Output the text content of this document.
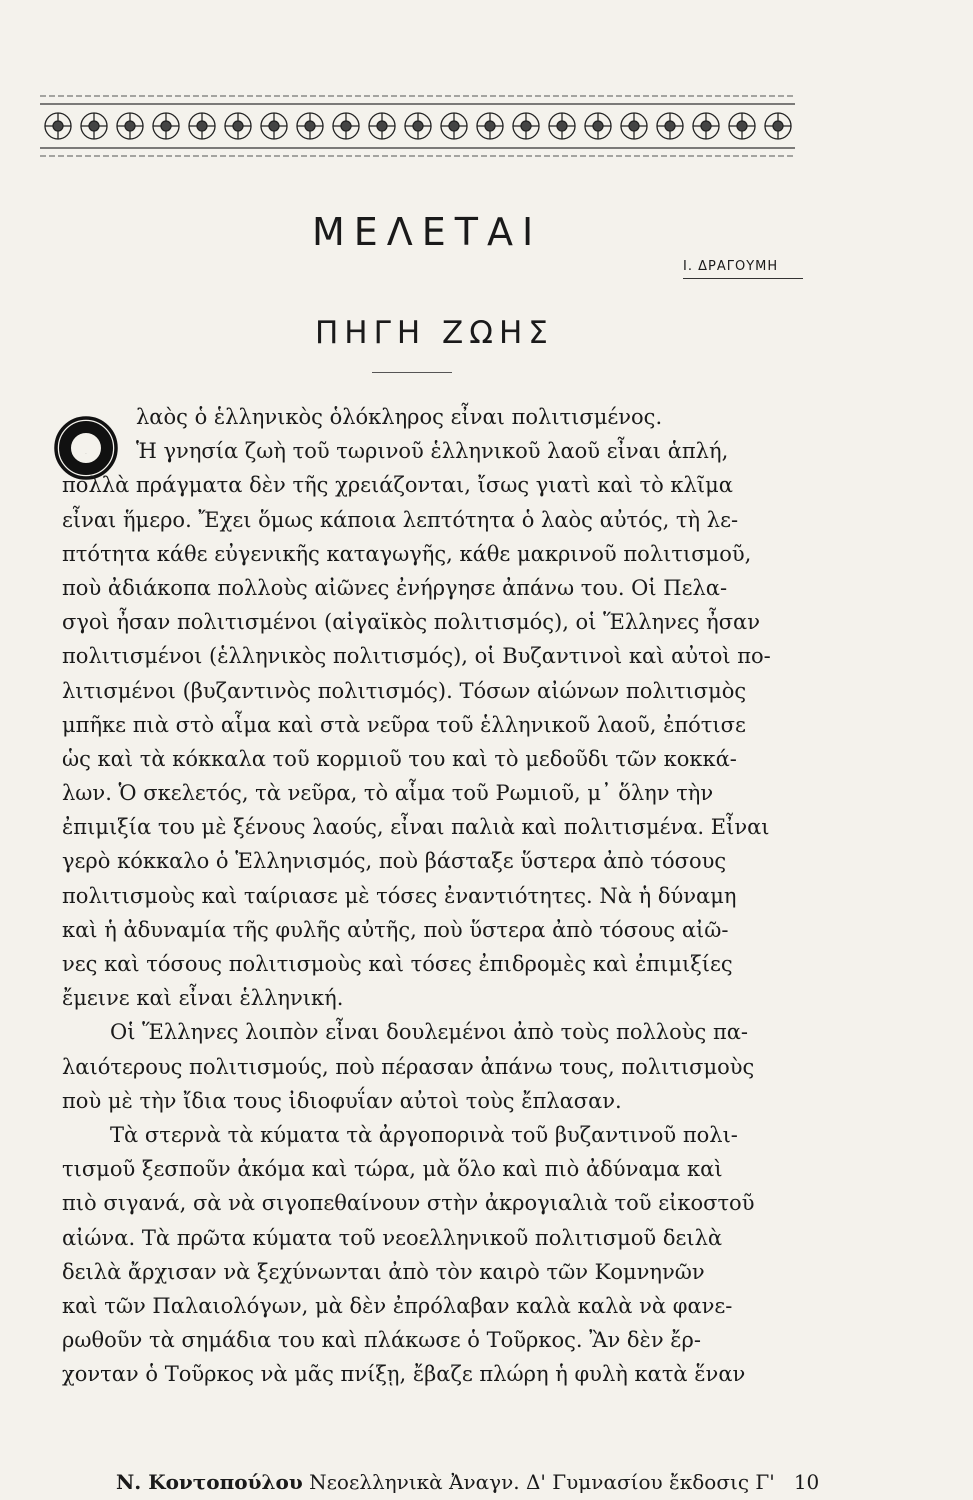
ΜΕΛΕΤΑΙ
Ι. ΔΡΑΓΟΥΜΗ
ΠΗΓΗ ΖΩΗΣ
Ο
λαὸς ὁ ἑλληνικὸς ὁλόκληρος εἶναι πολιτισμένος.
Ἡ γνησία ζωὴ τοῦ τωρινοῦ ἑλληνικοῦ λαοῦ εἶναι ἁπλή,
πολλὰ πράγματα δὲν τῆς χρειάζονται, ἴσως γιατὶ καὶ τὸ κλῖμα
εἶναι ἥμερο. Ἔχει ὅμως κάποια λεπτότητα ὁ λαὸς αὐτός, τὴ λε-
πτότητα κάθε εὐγενικῆς καταγωγῆς, κάθε μακρινοῦ πολιτισμοῦ,
ποὺ ἀδιάκοπα πολλοὺς αἰῶνες ἐνήργησε ἀπάνω του. Οἱ Πελα-
σγοὶ ἦσαν πολιτισμένοι (αἰγαϊκὸς πολιτισμός), οἱ Ἕλληνες ἦσαν
πολιτισμένοι (ἑλληνικὸς πολιτισμός), οἱ Βυζαντινοὶ καὶ αὐτοὶ πο-
λιτισμένοι (βυζαντινὸς πολιτισμός). Τόσων αἰώνων πολιτισμὸς
μπῆκε πιὰ στὸ αἷμα καὶ στὰ νεῦρα τοῦ ἑλληνικοῦ λαοῦ, ἐπότισε
ὡς καὶ τὰ κόκκαλα τοῦ κορμιοῦ του καὶ τὸ μεδοῦδι τῶν κοκκά-
λων. Ὁ σκελετός, τὰ νεῦρα, τὸ αἷμα τοῦ Ρωμιοῦ, μ᾽ ὅλην τὴν
ἐπιμιξία του μὲ ξένους λαούς, εἶναι παλιὰ καὶ πολιτισμένα. Εἶναι
γερὸ κόκκαλο ὁ Ἑλληνισμός, ποὺ βάσταξε ὕστερα ἀπὸ τόσους
πολιτισμοὺς καὶ ταίριασε μὲ τόσες ἐναντιότητες. Νὰ ἡ δύναμη
καὶ ἡ ἀδυναμία τῆς φυλῆς αὐτῆς, ποὺ ὕστερα ἀπὸ τόσους αἰῶ-
νες καὶ τόσους πολιτισμοὺς καὶ τόσες ἐπιδρομὲς καὶ ἐπιμιξίες
ἔμεινε καὶ εἶναι ἑλληνική.
Οἱ Ἕλληνες λοιπὸν εἶναι δουλεμένοι ἀπὸ τοὺς πολλοὺς πα-
λαιότερους πολιτισμούς, ποὺ πέρασαν ἀπάνω τους, πολιτισμοὺς
ποὺ μὲ τὴν ἴδια τους ἰδιοφυΐαν αὐτοὶ τοὺς ἔπλασαν.
Τὰ στερνὰ τὰ κύματα τὰ ἀργοπορινὰ τοῦ βυζαντινοῦ πολι-
τισμοῦ ξεσποῦν ἀκόμα καὶ τώρα, μὰ ὅλο καὶ πιὸ ἀδύναμα καὶ
πιὸ σιγανά, σὰ νὰ σιγοπεθαίνουν στὴν ἀκρογιαλιὰ τοῦ εἰκοστοῦ
αἰώνα. Τὰ πρῶτα κύματα τοῦ νεοελληνικοῦ πολιτισμοῦ δειλὰ
δειλὰ ἄρχισαν νὰ ξεχύνωνται ἀπὸ τὸν καιρὸ τῶν Κομνηνῶν
καὶ τῶν Παλαιολόγων, μὰ δὲν ἐπρόλαβαν καλὰ καλὰ νὰ φανε-
ρωθοῦν τὰ σημάδια του καὶ πλάκωσε ὁ Τοῦρκος. Ἂν δὲν ἔρ-
χονταν ὁ Τοῦρκος νὰ μᾶς πνίξῃ, ἔβαζε πλώρη ἡ φυλὴ κατὰ ἕναν
Ν. Κοντοπούλου Νεοελληνικὰ Ἀναγν. Δ' Γυμνασίου ἔκδοσις Γ' 10
